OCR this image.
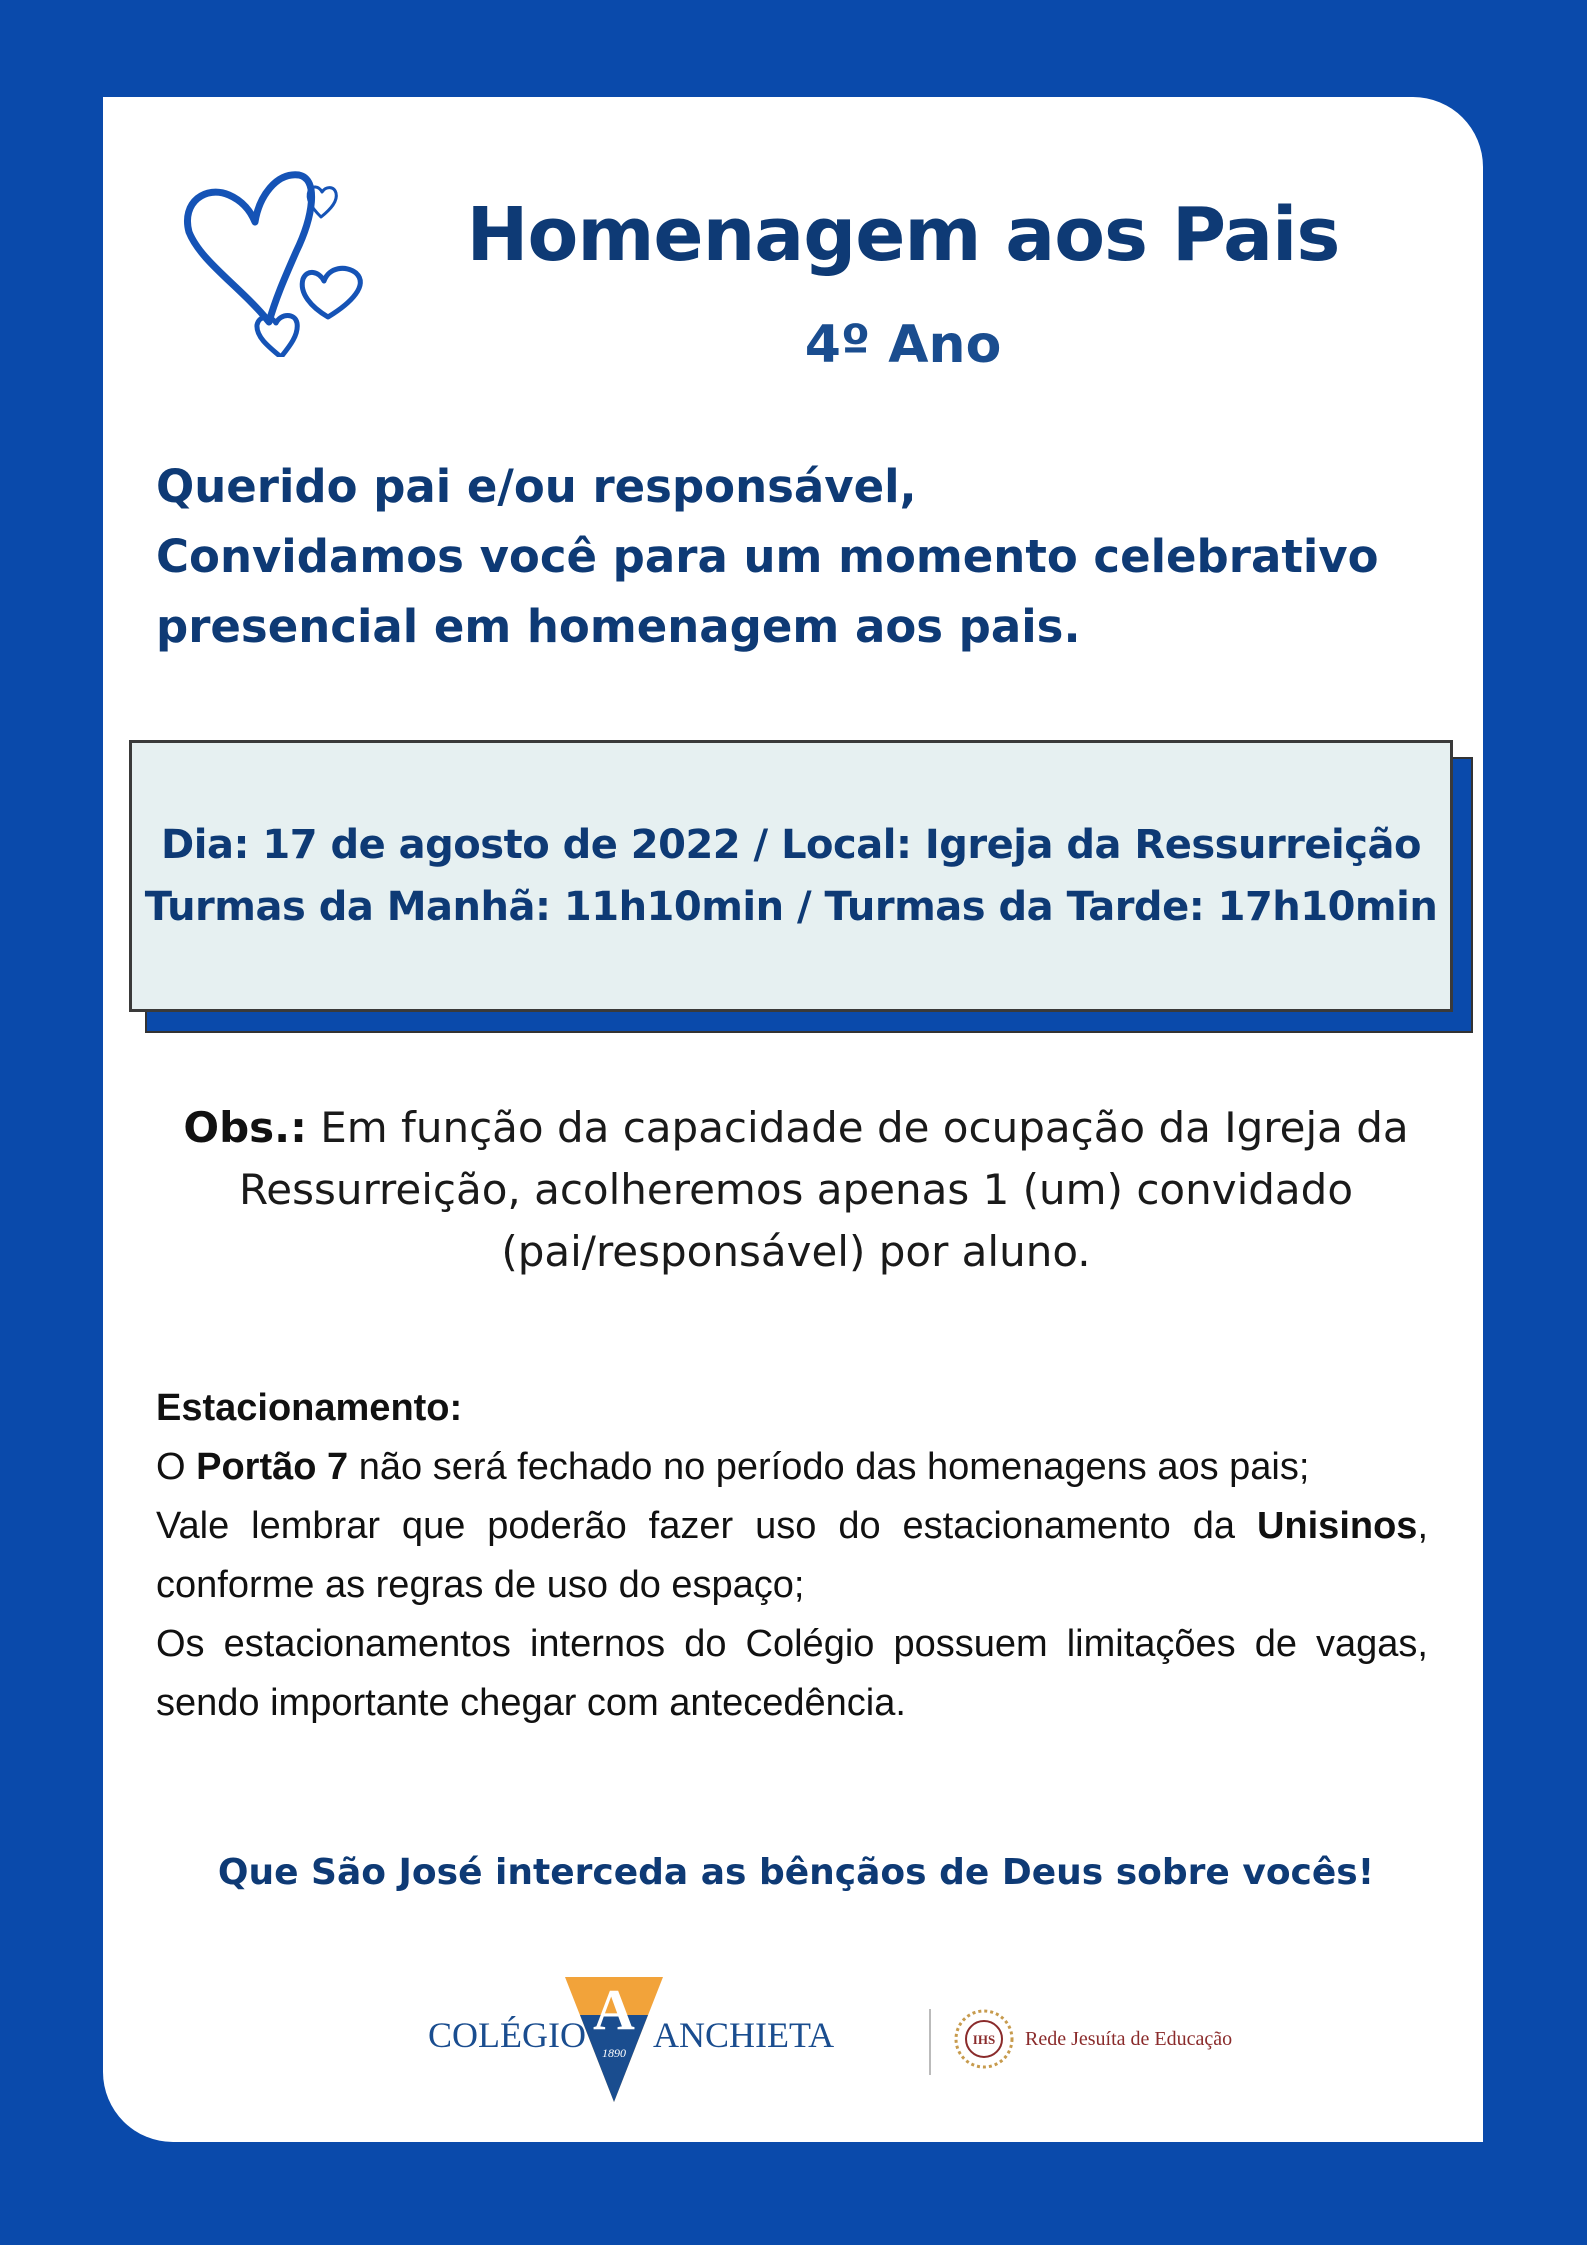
Homenagem aos Pais
4º Ano
Querido pai e/ou responsável,
Convidamos você para um momento celebrativo
presencial em homenagem aos pais.
Dia: 17 de agosto de 2022 / Local: Igreja da Ressurreição
Turmas da Manhã: 11h10min / Turmas da Tarde: 17h10min
Obs.: Em função da capacidade de ocupação da Igreja da Ressurreição, acolheremos apenas 1 (um) convidado (pai/responsável) por aluno.

Estacionamento:

O Portão 7 não será fechado no período das homenagens aos pais;

Vale lembrar que poderão fazer uso do estacionamento da Unisinos, conforme as regras de uso do espaço;

Os estacionamentos internos do Colégio possuem limitações de vagas, sendo importante chegar com antecedência.

Que São José interceda as bênçãos de Deus sobre vocês!
A
1890
COLÉGIO ANCHIETA	IHS Rede Jesuíta de Educação
